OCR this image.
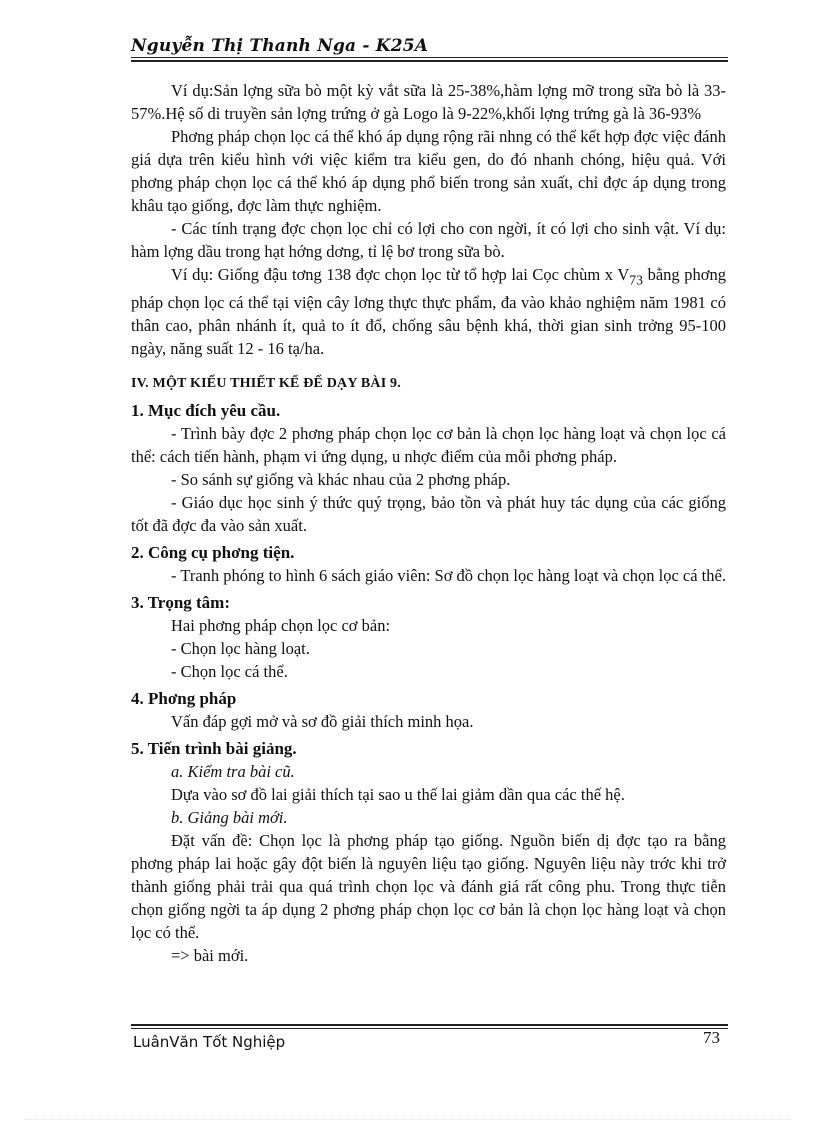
Nguyễn Thị Thanh Nga - K25A

Ví dụ:Sản lợng sữa bò một kỳ vắt sữa là 25-38%,hàm lợng mỡ trong sữa bò là 33-57%.Hệ số di truyền sản lợng trứng ở gà Logo là 9-22%,khối lợng trứng gà là 36-93%

Phơng pháp chọn lọc cá thể khó áp dụng rộng rãi nhng có thể kết hợp đợc việc đánh giá dựa trên kiểu hình với việc kiểm tra kiểu gen, do đó nhanh chóng, hiệu quả. Với phơng pháp chọn lọc cá thể khó áp dụng phổ biến trong sản xuất, chỉ đợc áp dụng trong khâu tạo giống, đợc làm thực nghiệm.

- Các tính trạng đợc chọn lọc chỉ có lợi cho con ngời, ít có lợi cho sinh vật. Ví dụ: hàm lợng dầu trong hạt hớng dơng, tỉ lệ bơ trong sữa bò.

Ví dụ: Giống đậu tơng 138 đợc chọn lọc từ tổ hợp lai Cọc chùm x $V_{73}$ bằng phơng pháp chọn lọc cá thể tại viện cây lơng thực thực phẩm, đa vào khảo nghiệm năm 1981 có thân cao, phân nhánh ít, quả to ít đổ, chống sâu bệnh khá, thời gian sinh trởng 95-100 ngày, năng suất 12 - 16 tạ/ha.

IV. MỘT KIỂU THIẾT KẾ ĐỂ DẠY BÀI 9.

1. Mục đích yêu cầu.

- Trình bày đợc 2 phơng pháp chọn lọc cơ bản là chọn lọc hàng loạt và chọn lọc cá thể: cách tiến hành, phạm vi ứng dụng, u nhợc điểm của mỗi phơng pháp.

- So sánh sự giống và khác nhau của 2 phơng pháp.

- Giáo dục học sinh ý thức quý trọng, bảo tồn và phát huy tác dụng của các giống tốt đã đợc đa vào sản xuất.

2. Công cụ phơng tiện.

- Tranh phóng to hình 6 sách giáo viên: Sơ đồ chọn lọc hàng loạt và chọn lọc cá thể.

3. Trọng tâm:

Hai phơng pháp chọn lọc cơ bản:

- Chọn lọc hàng loạt.

- Chọn lọc cá thể.

4. Phơng pháp

Vấn đáp gợi mở và sơ đồ giải thích minh họa.

5. Tiến trình bài giảng.

a. Kiểm tra bài cũ.

Dựa vào sơ đồ lai giải thích tại sao u thế lai giảm dần qua các thế hệ.

b. Giảng bài mới.

Đặt vấn đề: Chọn lọc là phơng pháp tạo giống. Nguồn biến dị đợc tạo ra bằng phơng pháp lai hoặc gây đột biến là nguyên liệu tạo giống. Nguyên liệu này trớc khi trở thành giống phải trải qua quá trình chọn lọc và đánh giá rất công phu. Trong thực tiễn chọn giống ngời ta áp dụng 2 phơng pháp chọn lọc cơ bản là chọn lọc hàng loạt và chọn lọc có thể.

=> bài mới.

LuânVăn Tốt Nghiệp	73
